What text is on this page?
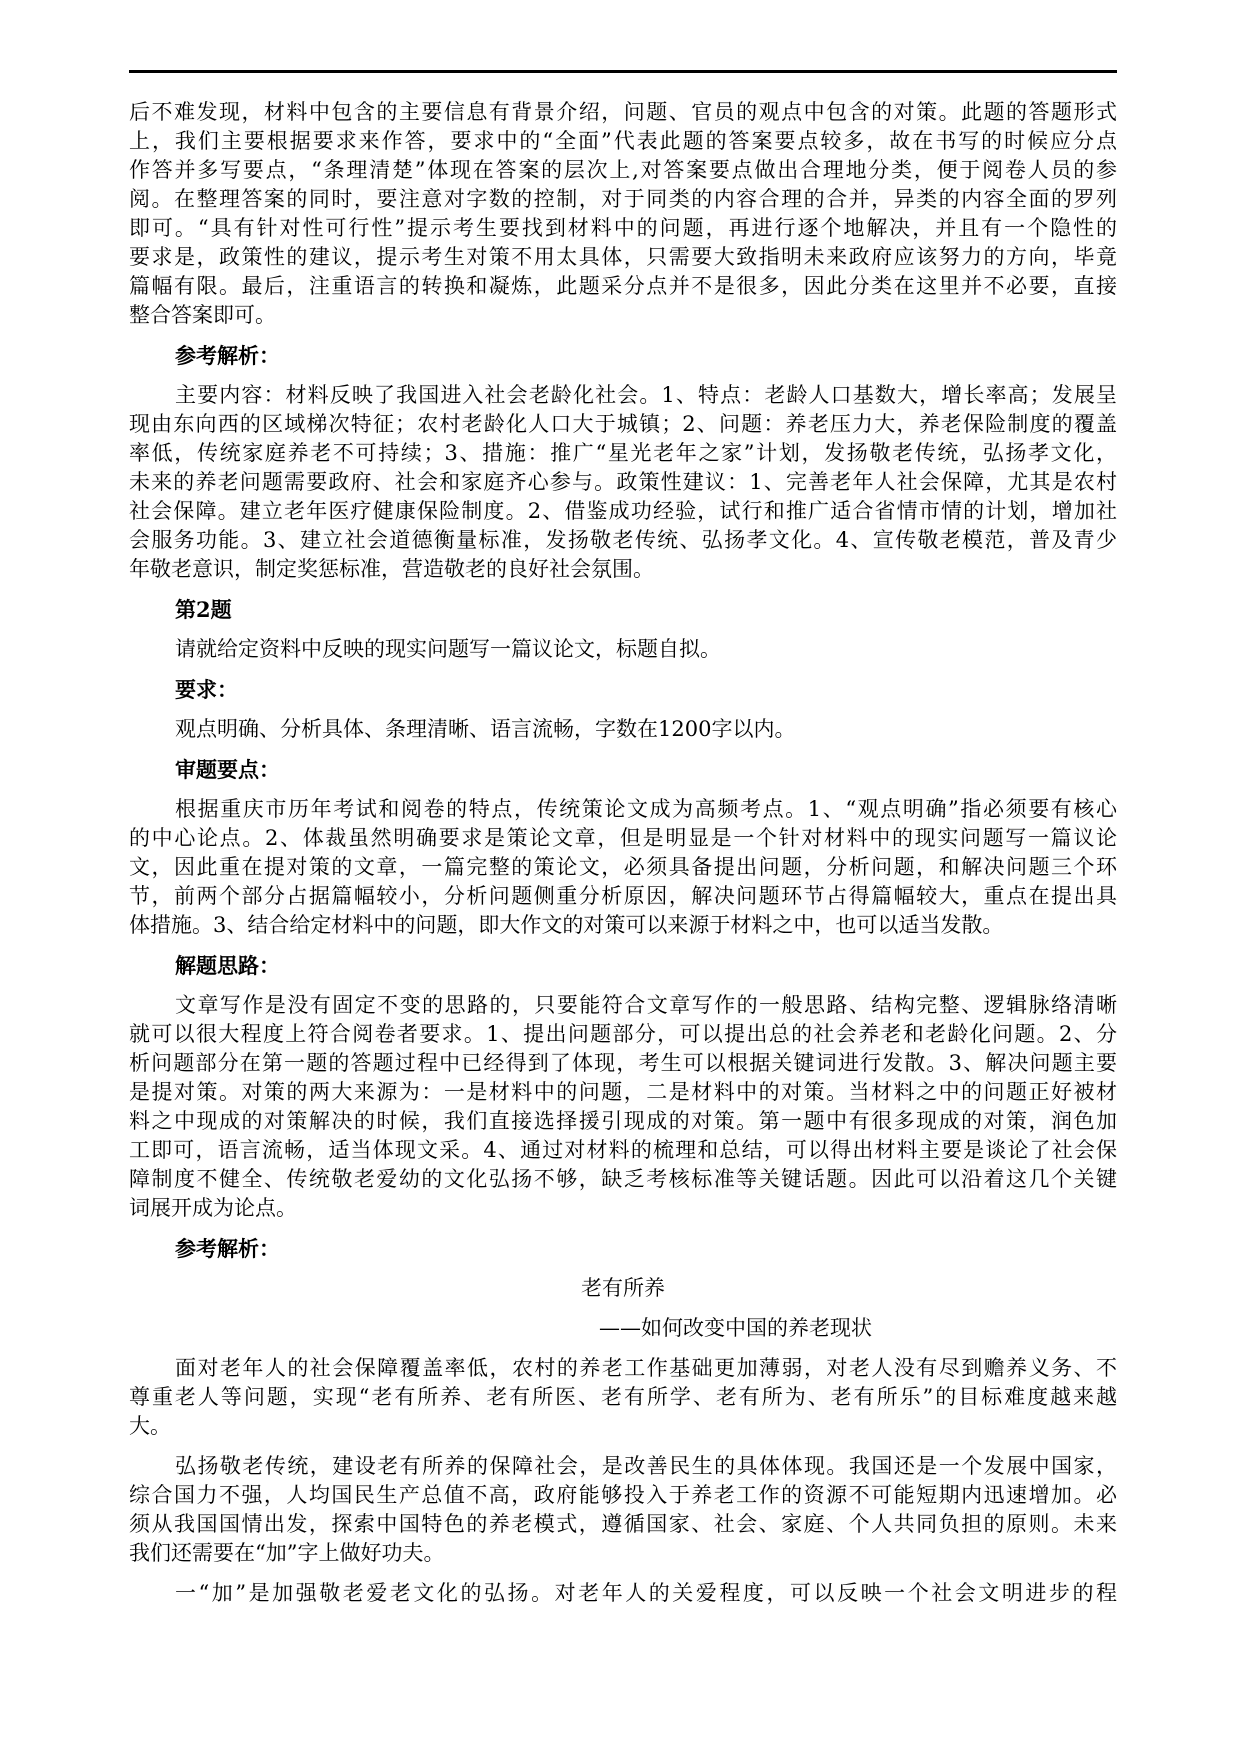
后不难发现，材料中包含的主要信息有背景介绍，问题、官员的观点中包含的对策。此题的答题形式
上，我们主要根据要求来作答，要求中的“全面”代表此题的答案要点较多，故在书写的时候应分点
作答并多写要点，“条理清楚”体现在答案的层次上,对答案要点做出合理地分类，便于阅卷人员的参
阅。在整理答案的同时，要注意对字数的控制，对于同类的内容合理的合并，异类的内容全面的罗列
即可。“具有针对性可行性”提示考生要找到材料中的问题，再进行逐个地解决，并且有一个隐性的
要求是，政策性的建议，提示考生对策不用太具体，只需要大致指明未来政府应该努力的方向，毕竟
篇幅有限。最后，注重语言的转换和凝炼，此题采分点并不是很多，因此分类在这里并不必要，直接
整合答案即可。
参考解析：
主要内容：材料反映了我国进入社会老龄化社会。1、特点：老龄人口基数大，增长率高；发展呈
现由东向西的区域梯次特征；农村老龄化人口大于城镇；2、问题：养老压力大，养老保险制度的覆盖
率低，传统家庭养老不可持续；3、措施：推广“星光老年之家”计划，发扬敬老传统，弘扬孝文化，
未来的养老问题需要政府、社会和家庭齐心参与。政策性建议：1、完善老年人社会保障，尤其是农村
社会保障。建立老年医疗健康保险制度。2、借鉴成功经验，试行和推广适合省情市情的计划，增加社
会服务功能。3、建立社会道德衡量标准，发扬敬老传统、弘扬孝文化。4、宣传敬老模范，普及青少
年敬老意识，制定奖惩标准，营造敬老的良好社会氛围。
第2题
请就给定资料中反映的现实问题写一篇议论文，标题自拟。
要求：
观点明确、分析具体、条理清晰、语言流畅，字数在1200字以内。
审题要点：
根据重庆市历年考试和阅卷的特点，传统策论文成为高频考点。1、“观点明确”指必须要有核心
的中心论点。2、体裁虽然明确要求是策论文章，但是明显是一个针对材料中的现实问题写一篇议论
文，因此重在提对策的文章，一篇完整的策论文，必须具备提出问题，分析问题，和解决问题三个环
节，前两个部分占据篇幅较小，分析问题侧重分析原因，解决问题环节占得篇幅较大，重点在提出具
体措施。3、结合给定材料中的问题，即大作文的对策可以来源于材料之中，也可以适当发散。
解题思路：
文章写作是没有固定不变的思路的，只要能符合文章写作的一般思路、结构完整、逻辑脉络清晰
就可以很大程度上符合阅卷者要求。1、提出问题部分，可以提出总的社会养老和老龄化问题。2、分
析问题部分在第一题的答题过程中已经得到了体现，考生可以根据关键词进行发散。3、解决问题主要
是提对策。对策的两大来源为：一是材料中的问题，二是材料中的对策。当材料之中的问题正好被材
料之中现成的对策解决的时候，我们直接选择援引现成的对策。第一题中有很多现成的对策，润色加
工即可，语言流畅，适当体现文采。4、通过对材料的梳理和总结，可以得出材料主要是谈论了社会保
障制度不健全、传统敬老爱幼的文化弘扬不够，缺乏考核标准等关键话题。因此可以沿着这几个关键
词展开成为论点。
参考解析：
老有所养
——如何改变中国的养老现状
面对老年人的社会保障覆盖率低，农村的养老工作基础更加薄弱，对老人没有尽到赡养义务、不
尊重老人等问题，实现“老有所养、老有所医、老有所学、老有所为、老有所乐”的目标难度越来越
大。
弘扬敬老传统，建设老有所养的保障社会，是改善民生的具体体现。我国还是一个发展中国家，
综合国力不强，人均国民生产总值不高，政府能够投入于养老工作的资源不可能短期内迅速增加。必
须从我国国情出发，探索中国特色的养老模式，遵循国家、社会、家庭、个人共同负担的原则。未来
我们还需要在“加”字上做好功夫。
一“加”是加强敬老爱老文化的弘扬。对老年人的关爱程度，可以反映一个社会文明进步的程
